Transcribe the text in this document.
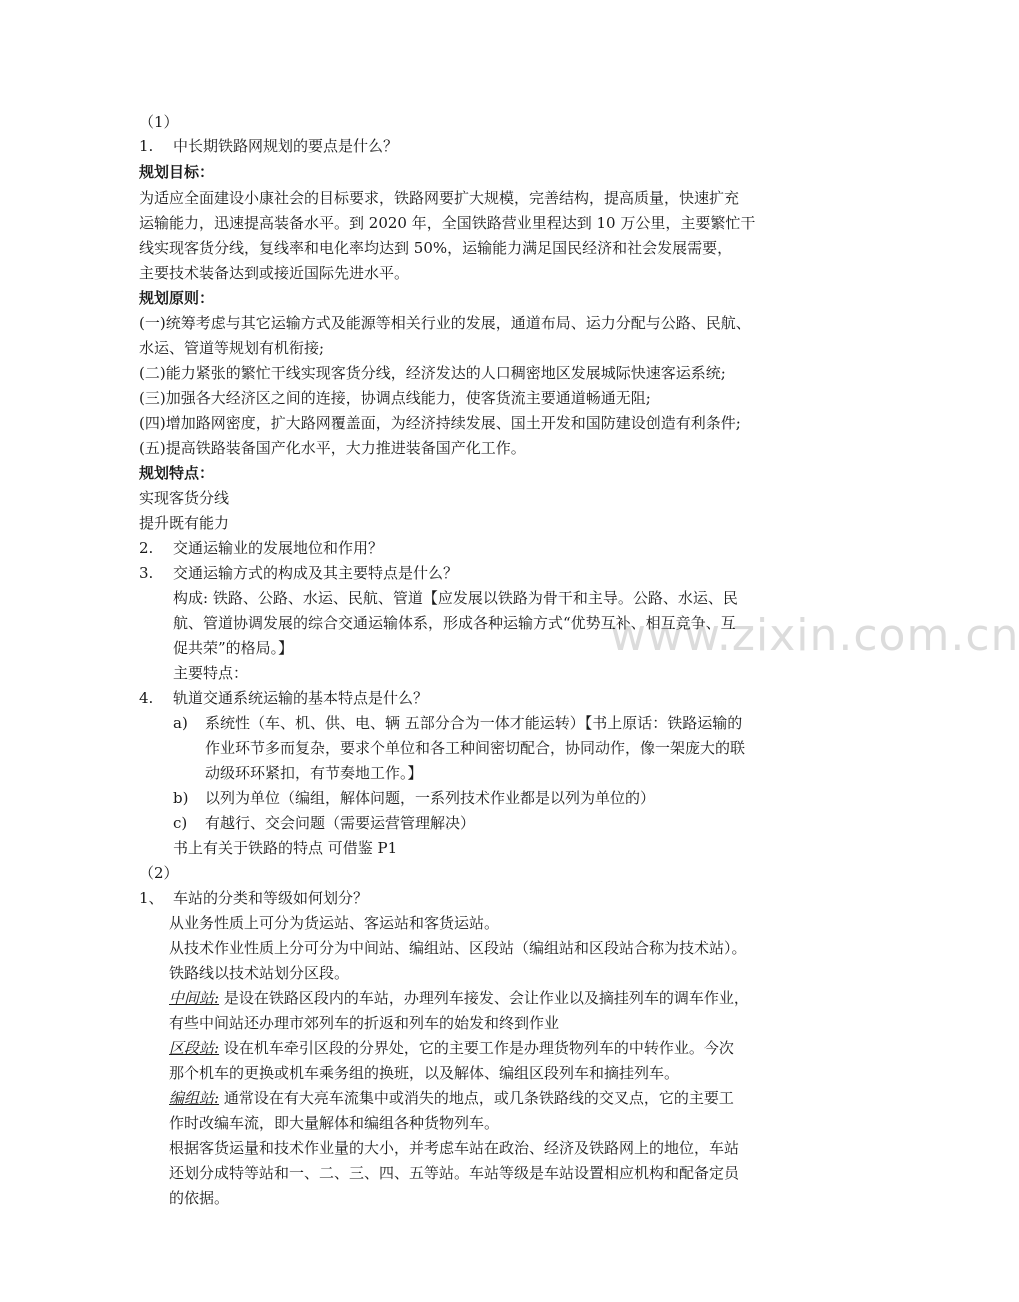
www.zixin.com.cn
（1）
1. 中长期铁路网规划的要点是什么？
规划目标：
为适应全面建设小康社会的目标要求，铁路网要扩大规模，完善结构，提高质量，快速扩充
运输能力，迅速提高装备水平。到 2020 年，全国铁路营业里程达到 10 万公里，主要繁忙干
线实现客货分线，复线率和电化率均达到 50%，运输能力满足国民经济和社会发展需要，
主要技术装备达到或接近国际先进水平。
规划原则：
(一)统筹考虑与其它运输方式及能源等相关行业的发展，通道布局、运力分配与公路、民航、
水运、管道等规划有机衔接;
(二)能力紧张的繁忙干线实现客货分线，经济发达的人口稠密地区发展城际快速客运系统;
(三)加强各大经济区之间的连接，协调点线能力，使客货流主要通道畅通无阻;
(四)增加路网密度，扩大路网覆盖面，为经济持续发展、国土开发和国防建设创造有利条件;
(五)提高铁路装备国产化水平，大力推进装备国产化工作。
规划特点：
实现客货分线
提升既有能力
2. 交通运输业的发展地位和作用？
3. 交通运输方式的构成及其主要特点是什么？
构成: 铁路、公路、水运、民航、管道【应发展以铁路为骨干和主导。公路、水运、民
航、管道协调发展的综合交通运输体系，形成各种运输方式“优势互补、相互竞争、互
促共荣”的格局。】
主要特点：
4. 轨道交通系统运输的基本特点是什么？
a) 系统性（车、机、供、电、辆 五部分合为一体才能运转）【书上原话：铁路运输的
作业环节多而复杂，要求个单位和各工种间密切配合，协同动作，像一架庞大的联
动级环环紧扣，有节奏地工作。】
b) 以列为单位（编组，解体问题，一系列技术作业都是以列为单位的）
c) 有越行、交会问题（需要运营管理解决）
书上有关于铁路的特点 可借鉴 P1
（2）
1、 车站的分类和等级如何划分？
从业务性质上可分为货运站、客运站和客货运站。
从技术作业性质上分可分为中间站、编组站、区段站（编组站和区段站合称为技术站）。
铁路线以技术站划分区段。
中间站: 是设在铁路区段内的车站，办理列车接发、会让作业以及摘挂列车的调车作业，
有些中间站还办理市郊列车的折返和列车的始发和终到作业
区段站: 设在机车牵引区段的分界处，它的主要工作是办理货物列车的中转作业。今次
那个机车的更换或机车乘务组的换班，以及解体、编组区段列车和摘挂列车。
编组站: 通常设在有大亮车流集中或消失的地点，或几条铁路线的交叉点，它的主要工
作时改编车流，即大量解体和编组各种货物列车。
根据客货运量和技术作业量的大小，并考虑车站在政治、经济及铁路网上的地位，车站
还划分成特等站和一、二、三、四、五等站。车站等级是车站设置相应机构和配备定员
的依据。
